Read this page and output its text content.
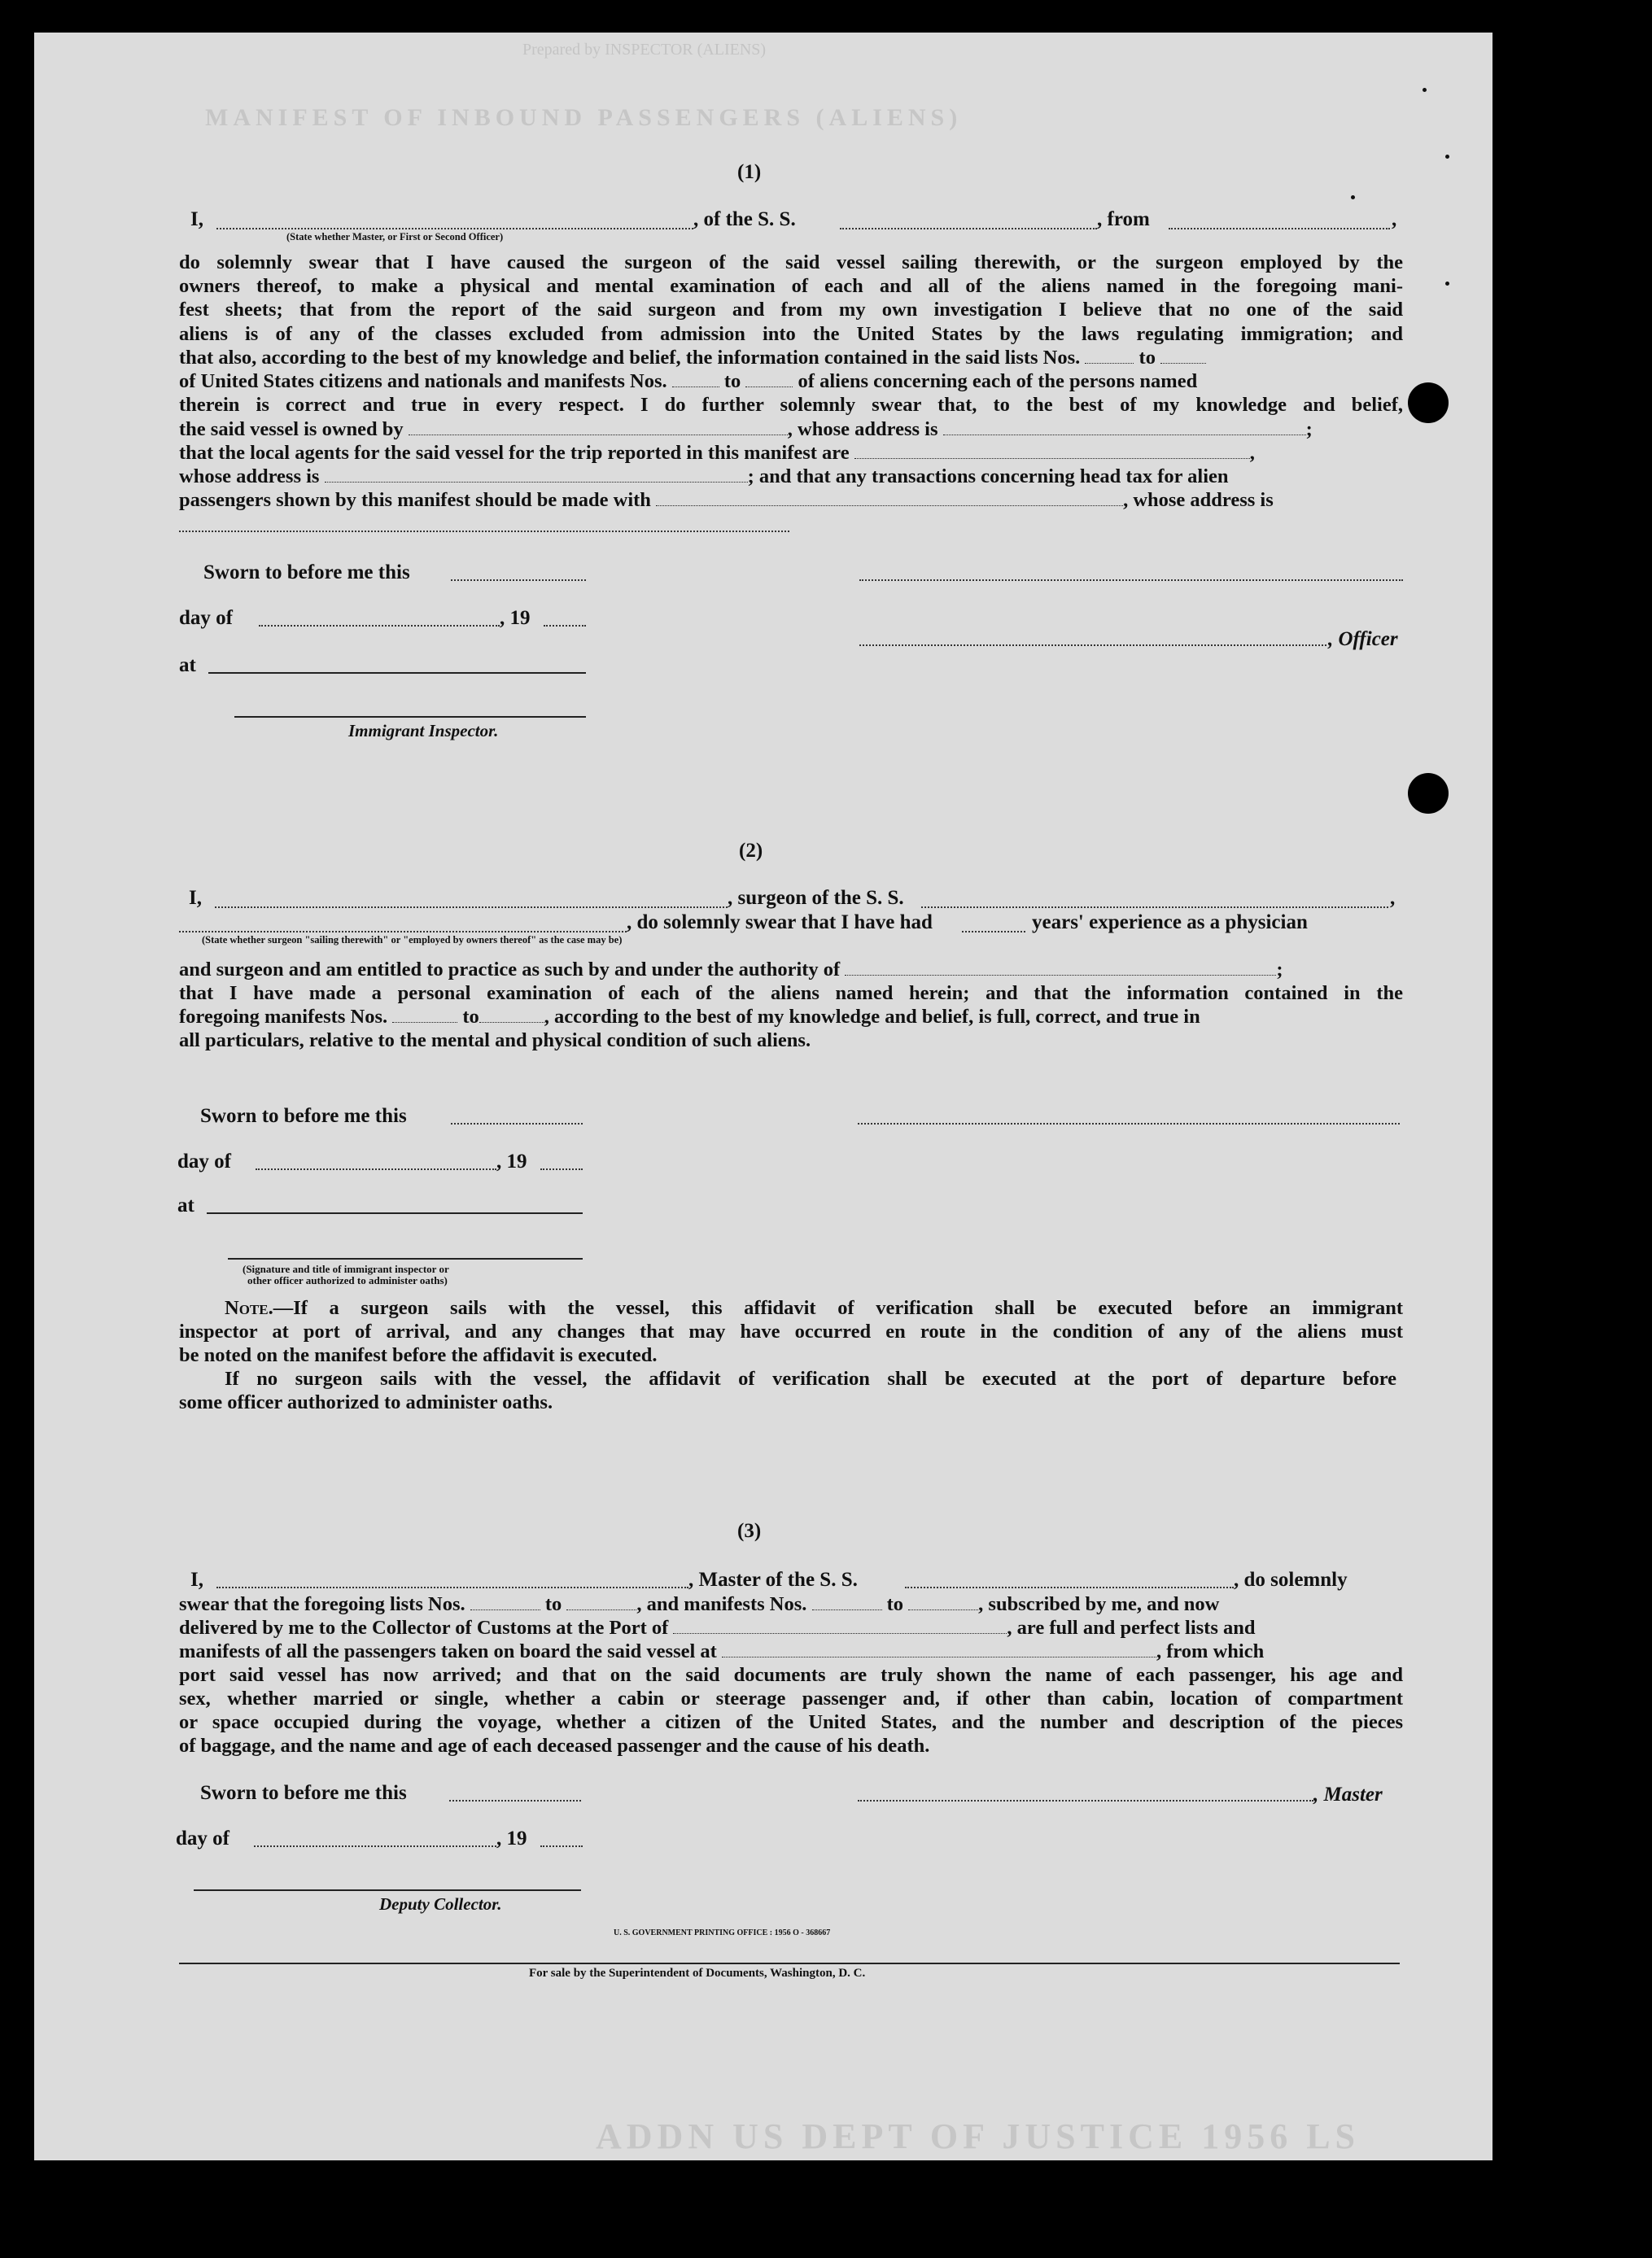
Prepared by INSPECTOR (ALIENS)
MANIFEST OF INBOUND PASSENGERS (ALIENS)
(1)
I,	, of the S. S.	, from	,
(State whether Master, or First or Second Officer)
do solemnly swear that I have caused the surgeon of the said vessel sailing therewith, or the surgeon employed by the
owners thereof, to make a physical and mental examination of each and all of the aliens named in the foregoing mani-
fest sheets; that from the report of the said surgeon and from my own investigation I believe that no one of the said
aliens is of any of the classes excluded from admission into the United States by the laws regulating immigration; and
that also, according to the best of my knowledge and belief, the information contained in the said lists Nos.	to
of United States citizens and nationals and manifests Nos.	to	of aliens concerning each of the persons named
therein is correct and true in every respect. I do further solemnly swear that, to the best of my knowledge and belief,
the said vessel is owned by	, whose address is	;
that the local agents for the said vessel for the trip reported in this manifest are	,
whose address is	; and that any transactions concerning head tax for alien
passengers shown by this manifest should be made with	, whose address is
Sworn to before me this
day of	, 19
, Officer
at
Immigrant Inspector.
(2)
I,	, surgeon of the S. S.	,
, do solemnly swear that I have had	years' experience as a physician
(State whether surgeon "sailing therewith" or "employed by owners thereof" as the case may be)
and surgeon and am entitled to practice as such by and under the authority of	;
that I have made a personal examination of each of the aliens named herein; and that the information contained in the
foregoing manifests Nos.	to	, according to the best of my knowledge and belief, is full, correct, and true in
all particulars, relative to the mental and physical condition of such aliens.
Sworn to before me this
day of	, 19
at
(Signature and title of immigrant inspector or
other officer authorized to administer oaths)
Note.—If a surgeon sails with the vessel, this affidavit of verification shall be executed before an immigrant
inspector at port of arrival, and any changes that may have occurred en route in the condition of any of the aliens must
be noted on the manifest before the affidavit is executed.
If no surgeon sails with the vessel, the affidavit of verification shall be executed at the port of departure before
some officer authorized to administer oaths.
(3)
I,	, Master of the S. S.	, do solemnly
swear that the foregoing lists Nos.	to	, and manifests Nos.	to	, subscribed by me, and now
delivered by me to the Collector of Customs at the Port of	, are full and perfect lists and
manifests of all the passengers taken on board the said vessel at	, from which
port said vessel has now arrived; and that on the said documents are truly shown the name of each passenger, his age and
sex, whether married or single, whether a cabin or steerage passenger and, if other than cabin, location of compartment
or space occupied during the voyage, whether a citizen of the United States, and the number and description of the pieces
of baggage, and the name and age of each deceased passenger and the cause of his death.
Sworn to before me this	, Master
day of	, 19
Deputy Collector.
U. S. GOVERNMENT PRINTING OFFICE : 1956 O - 368667
For sale by the Superintendent of Documents, Washington, D. C.
ADDN US DEPT OF JUSTICE 1956 LS
